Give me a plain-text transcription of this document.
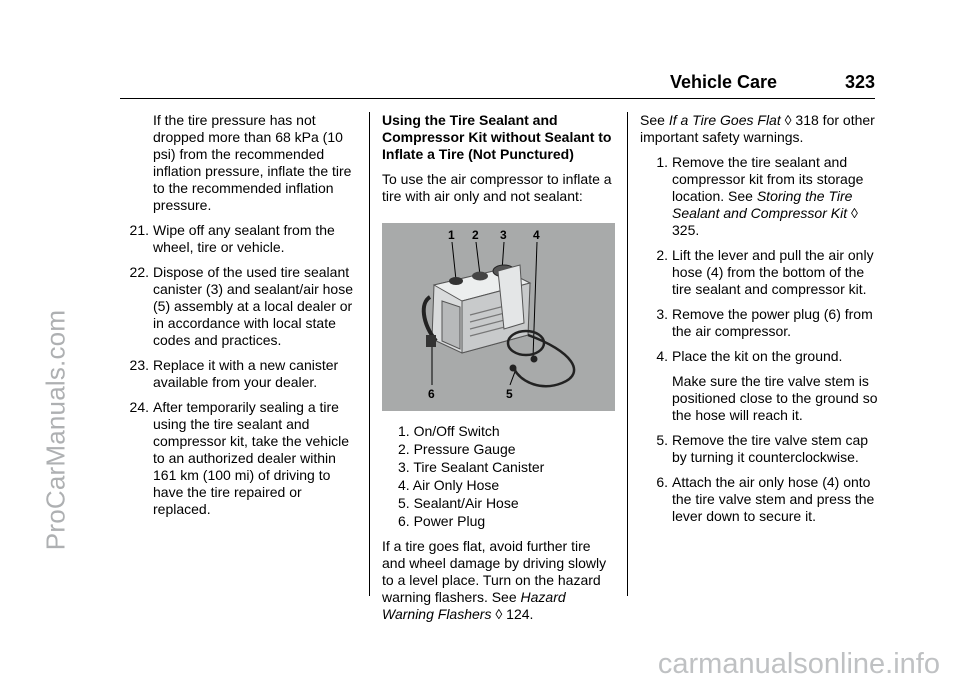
ProCarManuals.com
carmanualsonline.info
Vehicle Care	323

If the tire pressure has not dropped more than 68 kPa (10 psi) from the recommended inflation pressure, inflate the tire to the recommended inflation pressure.

21. Wipe off any sealant from the wheel, tire or vehicle.
22. Dispose of the used tire sealant canister (3) and sealant/air hose (5) assembly at a local dealer or in accordance with local state codes and practices.
23. Replace it with a new canister available from your dealer.
24. After temporarily sealing a tire using the tire sealant and compressor kit, take the vehicle to an authorized dealer within 161 km (100 mi) of driving to have the tire repaired or replaced.

Using the Tire Sealant and Compressor Kit without Sealant to Inflate a Tire (Not Punctured)

To use the air compressor to inflate a tire with air only and not sealant:

1 2 3 4
5
6
1. On/Off Switch
2. Pressure Gauge
3. Tire Sealant Canister
4. Air Only Hose
5. Sealant/Air Hose
6. Power Plug

If a tire goes flat, avoid further tire and wheel damage by driving slowly to a level place. Turn on the hazard warning flashers. See Hazard Warning Flashers ◊ 124.

See If a Tire Goes Flat ◊ 318 for other important safety warnings.

1. Remove the tire sealant and compressor kit from its storage location. See Storing the Tire Sealant and Compressor Kit ◊ 325.
2. Lift the lever and pull the air only hose (4) from the bottom of the tire sealant and compressor kit.
3. Remove the power plug (6) from the air compressor.
4. Place the kit on the ground.
Make sure the tire valve stem is positioned close to the ground so the hose will reach it.
5. Remove the tire valve stem cap by turning it counterclockwise.
6. Attach the air only hose (4) onto the tire valve stem and press the lever down to secure it.
